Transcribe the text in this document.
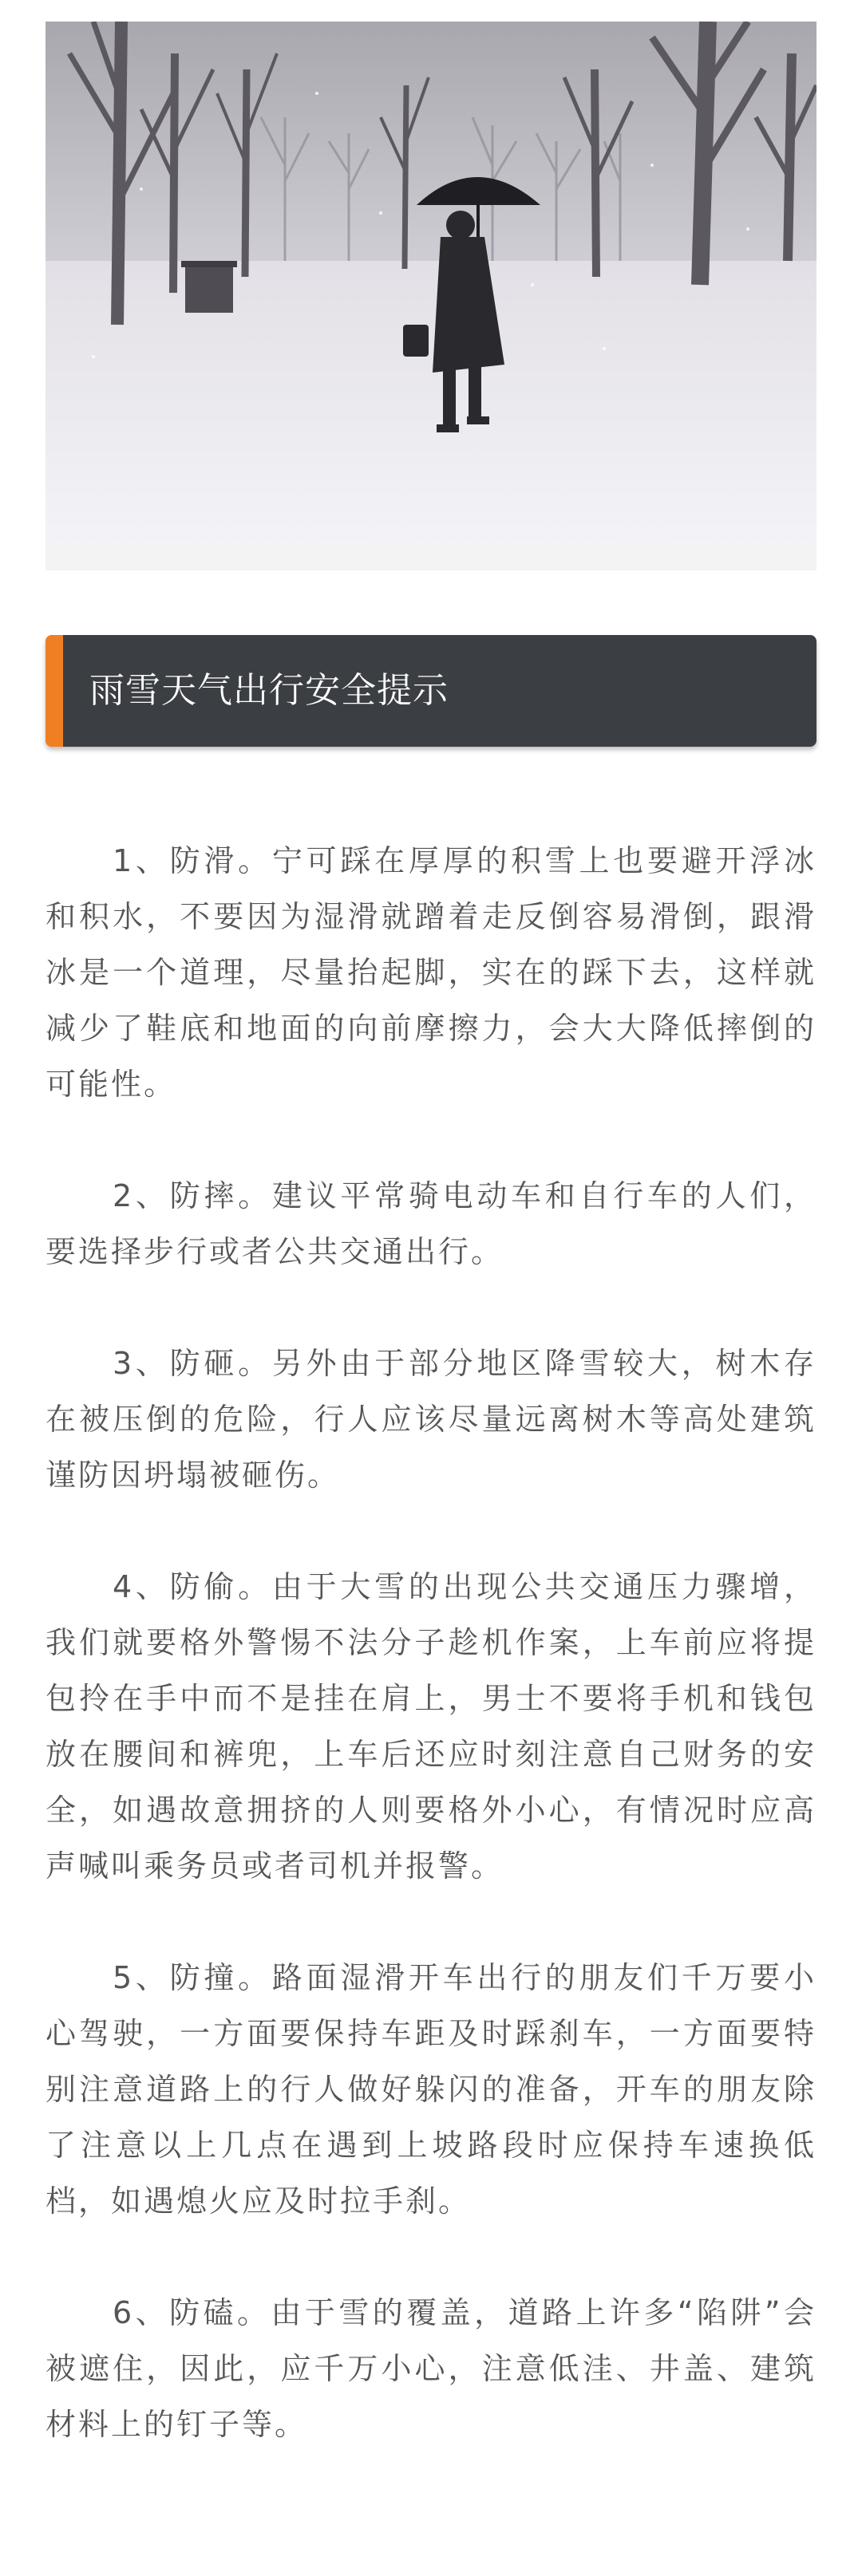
雨雪天气出行安全提示

1、防滑。宁可踩在厚厚的积雪上也要避开浮冰和积水，不要因为湿滑就蹭着走反倒容易滑倒，跟滑冰是一个道理，尽量抬起脚，实在的踩下去，这样就减少了鞋底和地面的向前摩擦力，会大大降低摔倒的可能性。

2、防摔。建议平常骑电动车和自行车的人们，要选择步行或者公共交通出行。

3、防砸。另外由于部分地区降雪较大，树木存在被压倒的危险，行人应该尽量远离树木等高处建筑谨防因坍塌被砸伤。

4、防偷。由于大雪的出现公共交通压力骤增，我们就要格外警惕不法分子趁机作案，上车前应将提包拎在手中而不是挂在肩上，男士不要将手机和钱包放在腰间和裤兜，上车后还应时刻注意自己财务的安全，如遇故意拥挤的人则要格外小心，有情况时应高声喊叫乘务员或者司机并报警。

5、防撞。路面湿滑开车出行的朋友们千万要小心驾驶，一方面要保持车距及时踩刹车，一方面要特别注意道路上的行人做好躲闪的准备，开车的朋友除了注意以上几点在遇到上坡路段时应保持车速换低档，如遇熄火应及时拉手刹。

6、防磕。由于雪的覆盖，道路上许多“陷阱”会被遮住，因此，应千万小心，注意低洼、井盖、建筑材料上的钉子等。
